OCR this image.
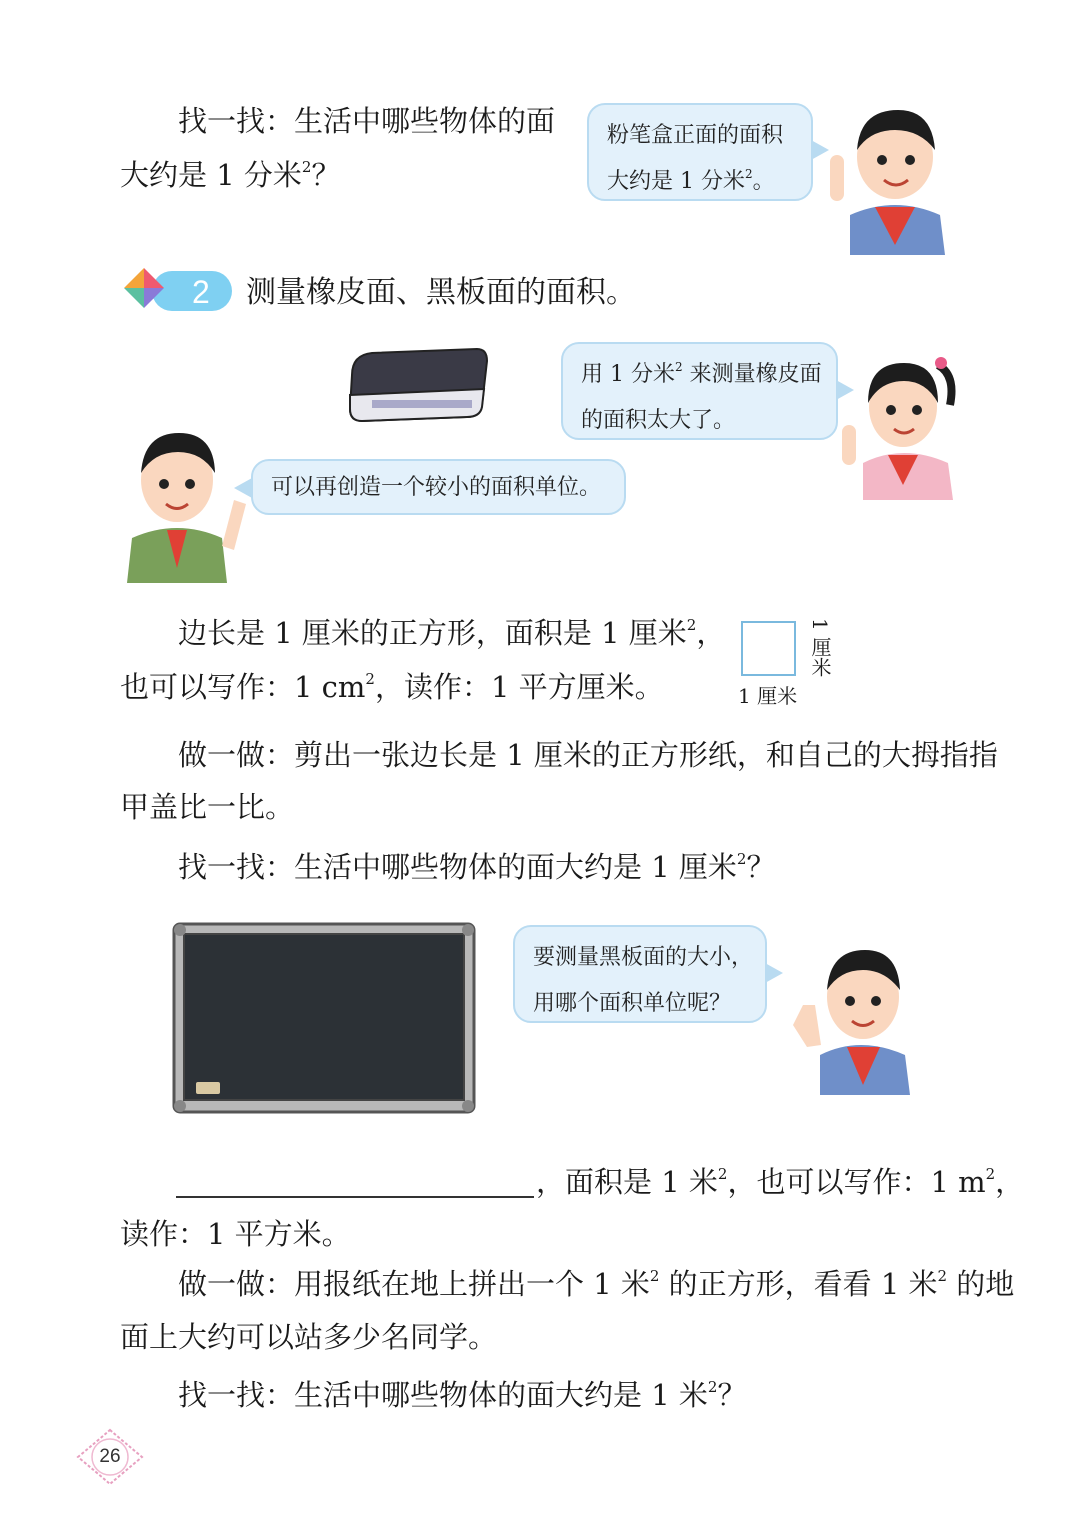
找一找：生活中哪些物体的面
大约是 1 分米$^2$？
粉笔盒正面的面积
大约是 1 分米$^2$。
2 测量橡皮面、黑板面的面积。
用 1 分米$^2$ 来测量橡皮面
的面积太大了。
可以再创造一个较小的面积单位。
边长是 1 厘米的正方形，面积是 1 厘米$^2$，
也可以写作：1 $cm^2$，读作：1 平方厘米。
1 厘米
1 厘米
做一做：剪出一张边长是 1 厘米的正方形纸，和自己的大拇指指
甲盖比一比。
找一找：生活中哪些物体的面大约是 1 厘米$^2$？
要测量黑板面的大小，
用哪个面积单位呢？
，面积是 1 米$^2$，也可以写作：1 $m^2$，
读作：1 平方米。
做一做：用报纸在地上拼出一个 1 米$^2$ 的正方形，看看 1 米$^2$ 的地
面上大约可以站多少名同学。
找一找：生活中哪些物体的面大约是 1 米$^2$？
26
